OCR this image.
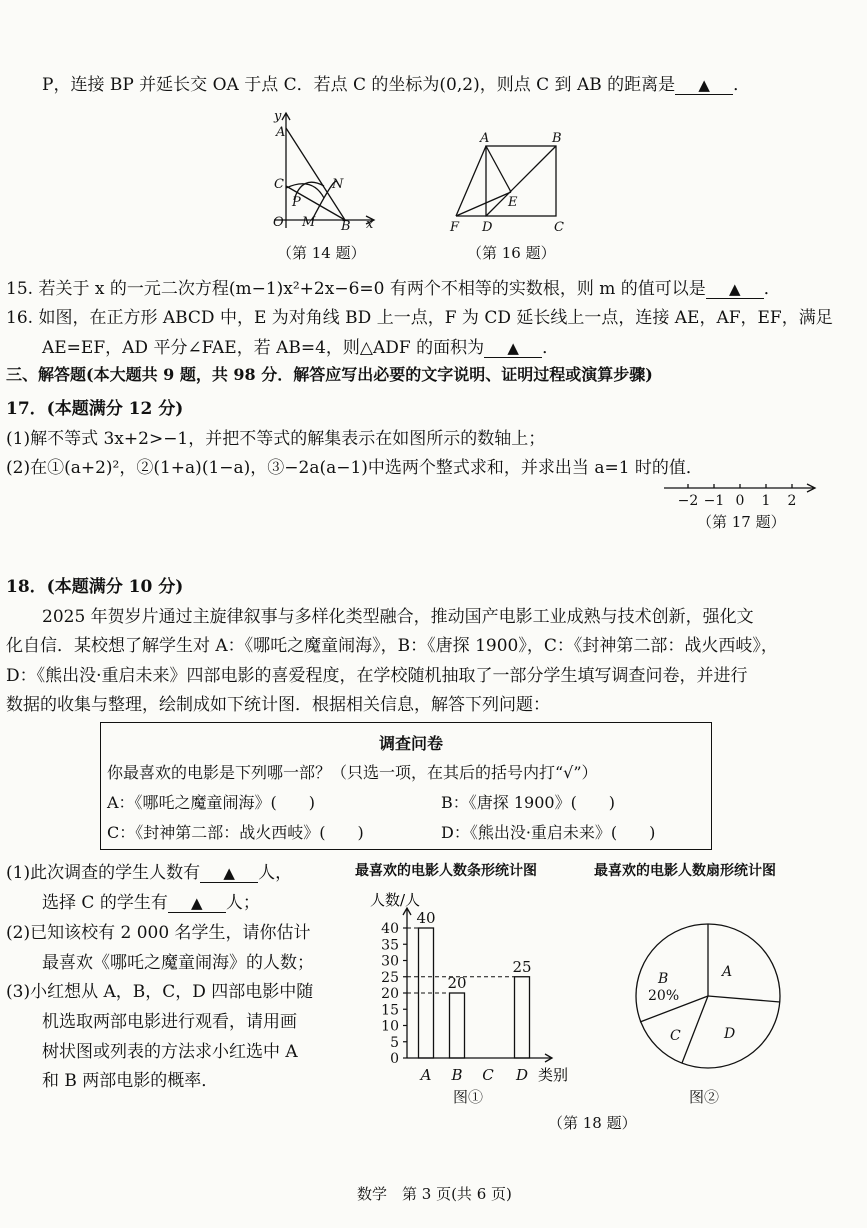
P，连接 BP 并延长交 OA 于点 C．若点 C 的坐标为(0,2)，则点 C 到 AB 的距离是 ▲ ．
y
A
C	N
P
O M B x
（第 14 题）
A	B
E
F D	C
（第 16 题）
15. 若关于 x 的一元二次方程(m−1)x²+2x−6=0 有两个不相等的实数根，则 m 的值可以是 ▲ ．
16. 如图，在正方形 ABCD 中，E 为对角线 BD 上一点，F 为 CD 延长线上一点，连接 AE，AF，EF，满足
AE=EF，AD 平分∠FAE，若 AB=4，则△ADF 的面积为 ▲ ．
三、解答题(本大题共 9 题，共 98 分．解答应写出必要的文字说明、证明过程或演算步骤)
17．(本题满分 12 分)
(1)解不等式 3x+2>−1，并把不等式的解集表示在如图所示的数轴上；
(2)在①(a+2)²，②(1+a)(1−a)，③−2a(a−1)中选两个整式求和，并求出当 a=1 时的值．
−2 −1 0 1 2
（第 17 题）
18．(本题满分 10 分)
2025 年贺岁片通过主旋律叙事与多样化类型融合，推动国产电影工业成熟与技术创新，强化文
化自信．某校想了解学生对 A：《哪吒之魔童闹海》，B：《唐探 1900》，C：《封神第二部：战火西岐》，
D：《熊出没·重启未来》四部电影的喜爱程度，在学校随机抽取了一部分学生填写调查问卷，并进行
数据的收集与整理，绘制成如下统计图．根据相关信息，解答下列问题：
调查问卷
你最喜欢的电影是下列哪一部？（只选一项，在其后的括号内打“√”）
A：《哪吒之魔童闹海》(　　)	B：《唐探 1900》(　　)
C：《封神第二部：战火西岐》(　　)	D：《熊出没·重启未来》(　　)
(1)此次调查的学生人数有 ▲ 人，
选择 C 的学生有 ▲ 人；
(2)已知该校有 2 000 名学生，请你估计
最喜欢《哪吒之魔童闹海》的人数；
(3)小红想从 A，B，C，D 四部电影中随
机选取两部电影进行观看，请用画
树状图或列表的方法求小红选中 A
和 B 两部电影的概率．
最喜欢的电影人数条形统计图	最喜欢的电影人数扇形统计图
人数/人
类别
0
5
10
15
20
25
30
35
40
40
20
25
A B C D
图①
B	A
C	D
20%
图②
（第 18 题）
数学　第 3 页(共 6 页)
